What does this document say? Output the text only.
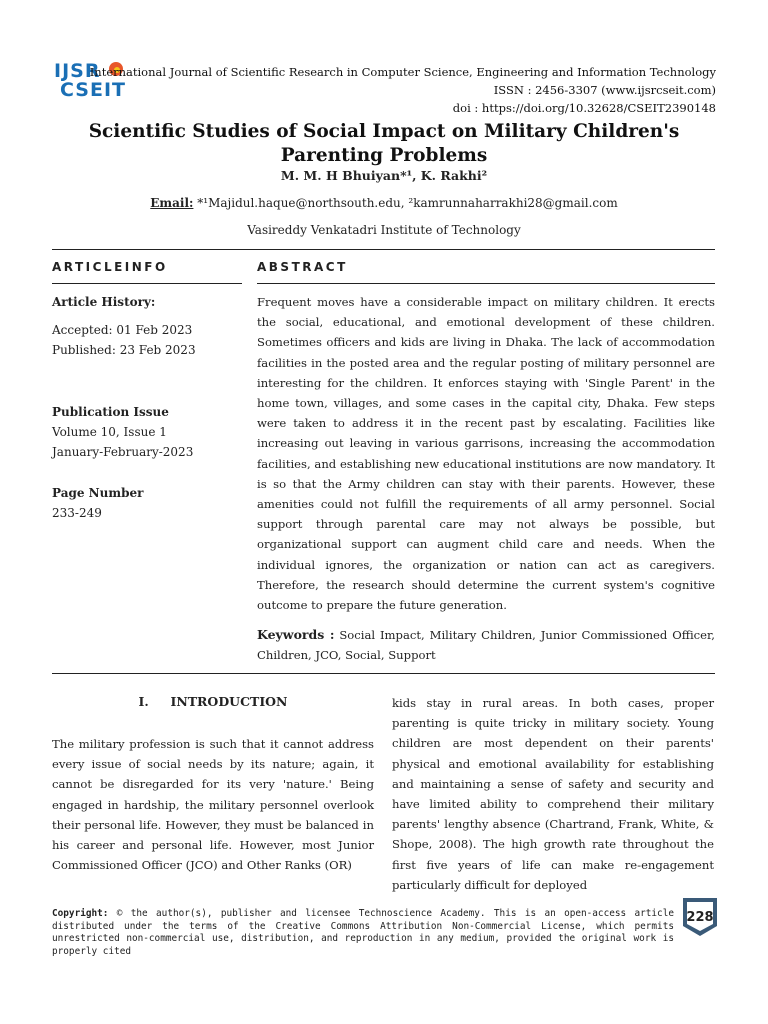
IJSR
CSEIT
International Journal of Scientific Research in Computer Science, Engineering and Information Technology
ISSN : 2456-3307 (www.ijsrcseit.com)
doi : https://doi.org/10.32628/CSEIT2390148
Scientific Studies of Social Impact on Military Children's
Parenting Problems
M. M. H Bhuiyan*¹, K. Rakhi²
Email: *¹Majidul.haque@northsouth.edu, ²kamrunnaharrakhi28@gmail.com
Vasireddy Venkatadri Institute of Technology
ARTICLEINFO	ABSTRACT
Article History:
Accepted: 01 Feb 2023
Published: 23 Feb 2023
Publication Issue
Volume 10, Issue 1
January-February-2023
Page Number
233-249
Frequent moves have a considerable impact on military children. It erects the social, educational, and emotional development of these children. Sometimes officers and kids are living in Dhaka. The lack of accommodation facilities in the posted area and the regular posting of military personnel are interesting for the children. It enforces staying with 'Single Parent' in the home town, villages, and some cases in the capital city, Dhaka. Few steps were taken to address it in the recent past by escalating. Facilities like increasing out leaving in various garrisons, increasing the accommodation facilities, and establishing new educational institutions are now mandatory. It is so that the Army children can stay with their parents. However, these amenities could not fulfill the requirements of all army personnel. Social support through parental care may not always be possible, but organizational support can augment child care and needs. When the individual ignores, the organization or nation can act as caregivers. Therefore, the research should determine the current system's cognitive outcome to prepare the future generation.
Keywords : Social Impact, Military Children, Junior Commissioned Officer, Children, JCO, Social, Support
I.     INTRODUCTION
The military profession is such that it cannot address every issue of social needs by its nature; again, it cannot be disregarded for its very 'nature.' Being engaged in hardship, the military personnel overlook their personal life. However, they must be balanced in his career and personal life. However, most Junior Commissioned Officer (JCO) and Other Ranks (OR)
kids stay in rural areas. In both cases, proper parenting is quite tricky in military society. Young children are most dependent on their parents' physical and emotional availability for establishing and maintaining a sense of safety and security and have limited ability to comprehend their military parents' lengthy absence (Chartrand, Frank, White, & Shope, 2008). The high growth rate throughout the first five years of life can make re-engagement particularly difficult for deployed
Copyright: © the author(s), publisher and licensee Technoscience Academy. This is an open-access article distributed under the terms of the Creative Commons Attribution Non-Commercial License, which permits unrestricted non-commercial use, distribution, and reproduction in any medium, provided the original work is properly cited
228
